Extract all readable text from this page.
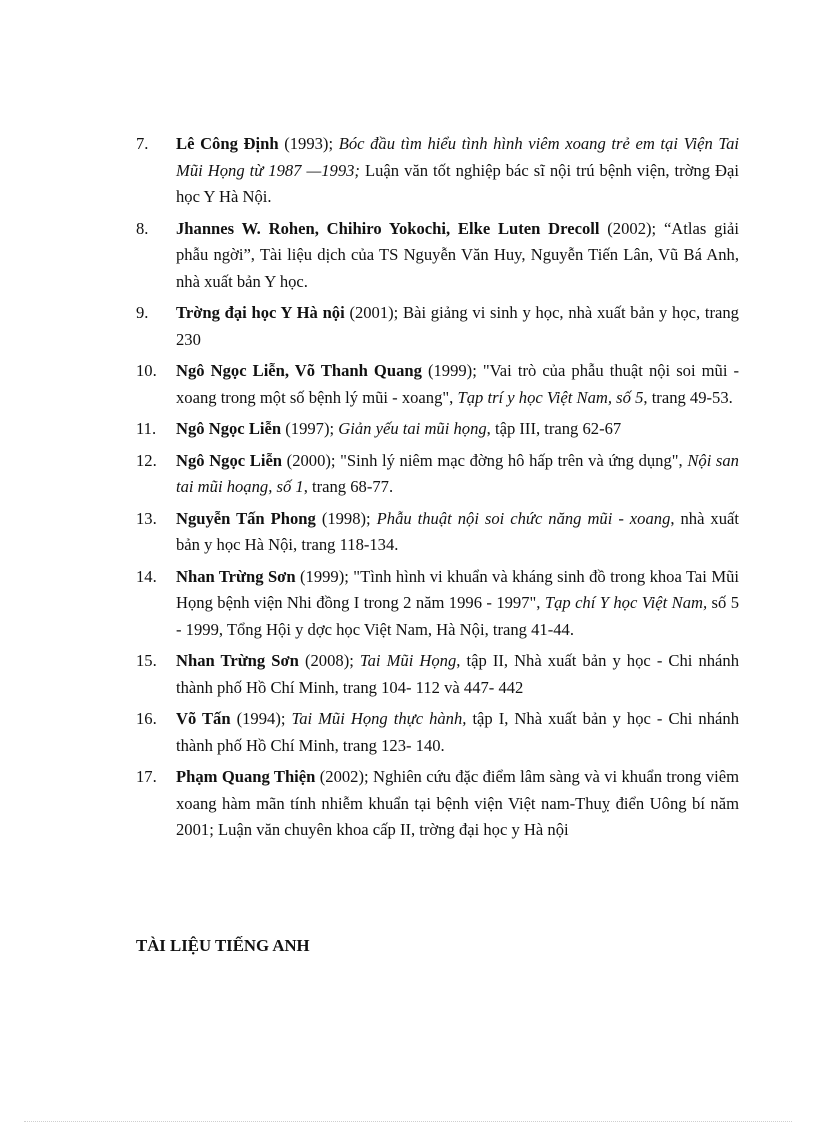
7. Lê Công Định (1993); Bóc đầu tìm hiểu tình hình viêm xoang trẻ em tại Viện Tai Mũi Họng từ 1987 —1993; Luận văn tốt nghiệp bác sĩ nội trú bệnh viện, trờng Đại học Y Hà Nội.
8. Jhannes W. Rohen, Chihiro Yokochi, Elke Luten Drecoll (2002); “Atlas giải phẫu ngời”, Tài liệu dịch của TS Nguyễn Văn Huy, Nguyễn Tiến Lân, Vũ Bá Anh, nhà xuất bản Y học.
9. Trờng đại học Y Hà nội (2001); Bài giảng vi sinh y học, nhà xuất bản y học, trang 230
10. Ngô Ngọc Liễn, Võ Thanh Quang (1999); "Vai trò của phẫu thuật nội soi mũi - xoang trong một số bệnh lý mũi - xoang", Tạp trí y học Việt Nam, số 5, trang 49-53.
11. Ngô Ngọc Liễn (1997); Giản yếu tai mũi họng, tập III, trang 62-67
12. Ngô Ngọc Liễn (2000); "Sinh lý niêm mạc đờng hô hấp trên và ứng dụng", Nội san tai mũi hoạng, số 1, trang 68-77.
13. Nguyễn Tấn Phong (1998); Phẫu thuật nội soi chức năng mũi - xoang, nhà xuất bản y học Hà Nội, trang 118-134.
14. Nhan Trừng Sơn (1999); "Tình hình vi khuẩn và kháng sinh đồ trong khoa Tai Mũi Họng bệnh viện Nhi đồng I trong 2 năm 1996 - 1997", Tạp chí Y học Việt Nam, số 5 - 1999, Tổng Hội y dợc học Việt Nam, Hà Nội, trang 41-44.
15. Nhan Trừng Sơn (2008); Tai Mũi Họng, tập II, Nhà xuất bản y học - Chi nhánh thành phố Hồ Chí Minh, trang 104- 112 và 447- 442
16. Võ Tấn (1994); Tai Mũi Họng thực hành, tập I, Nhà xuất bản y học - Chi nhánh thành phố Hồ Chí Minh, trang 123- 140.
17. Phạm Quang Thiện (2002); Nghiên cứu đặc điểm lâm sàng và vi khuẩn trong viêm xoang hàm mãn tính nhiễm khuẩn tại bệnh viện Việt nam-Thuỵ điển Uông bí năm 2001; Luận văn chuyên khoa cấp II, trờng đại học y Hà nội
TÀI LIỆU TIẾNG ANH
